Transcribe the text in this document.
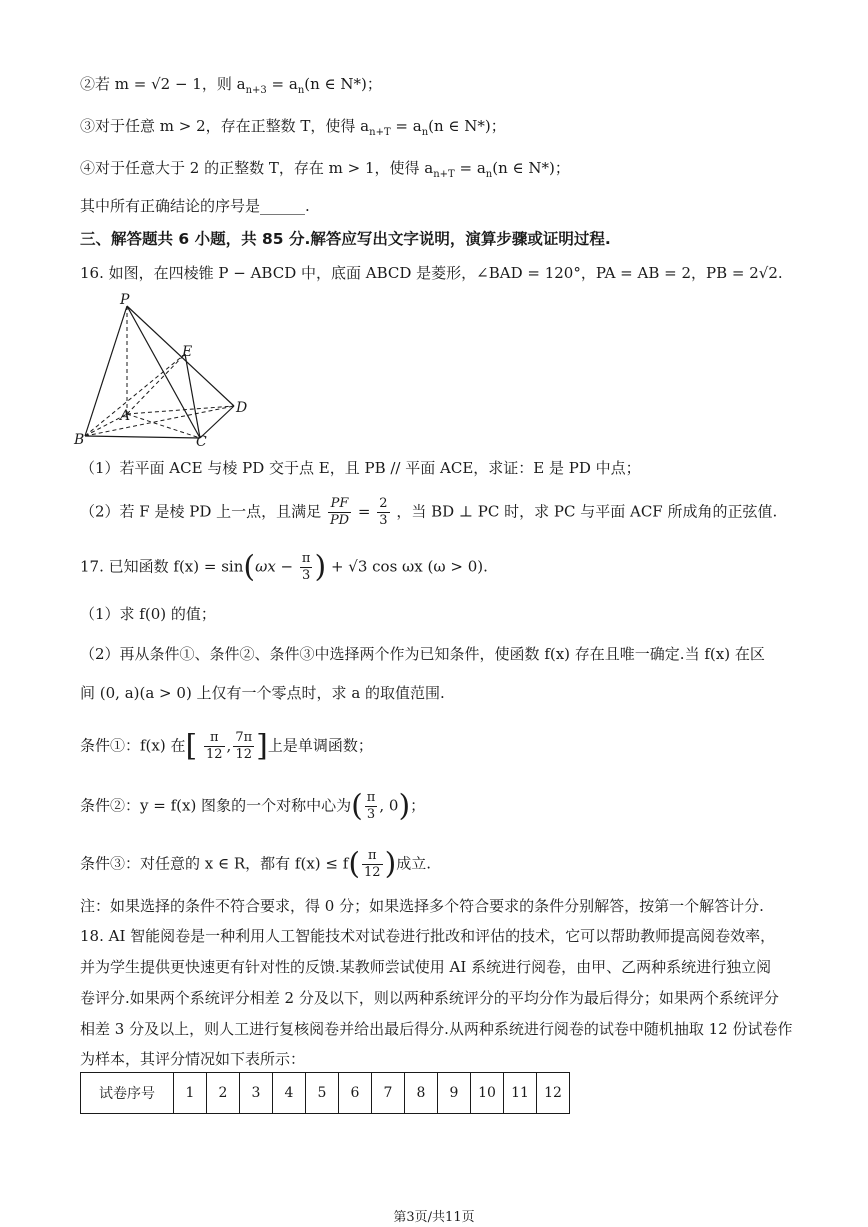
②若 m = √2 − 1，则 $a_{n+3} = a_n(n$ ∈ N*)；
③对于任意 m > 2，存在正整数 T，使得 $a_{n+T} = a_n(n$ ∈ N*)；
④对于任意大于 2 的正整数 T，存在 m > 1，使得 $a_{n+T} = a_n(n$ ∈ N*)；
其中所有正确结论的序号是______.
三、解答题共 6 小题，共 85 分.解答应写出文字说明，演算步骤或证明过程.
16. 如图，在四棱锥 P − ABCD 中，底面 ABCD 是菱形，∠BAD = 120°，PA = AB = 2，PB = 2√2.
P
E
A	D
B	C
（1）若平面 ACE 与棱 PD 交于点 E，且 PB // 平面 ACE，求证：E 是 PD 中点；
（2）若 F 是棱 PD 上一点，且满足 $\frac{PF}{PD} = \frac{2}{3}$ ，当 BD ⊥ PC 时，求 PC 与平面 ACF 所成角的正弦值.
17. 已知函数 $f(x) = \sin(\omega x - \frac{\pi}{3}$ ) + √3 cos ωx (ω > 0).
（1）求 f(0) 的值；
（2）再从条件①、条件②、条件③中选择两个作为已知条件，使函数 f(x) 存在且唯一确定.当 f(x) 在区
间 (0, a)(a > 0) 上仅有一个零点时，求 a 的取值范围.
条件①：f(x) 在[ $\frac{\pi}{12}$ , $\frac{7\pi}{12}$ ]上是单调函数；
条件②：y = f(x) 图象的一个对称中心为( $\frac{\pi}{3}$ , 0)；
条件③：对任意的 x ∈ R，都有 $f(x) \le f( \frac{\pi}{12}$ )成立.
注：如果选择的条件不符合要求，得 0 分；如果选择多个符合要求的条件分别解答，按第一个解答计分.
18. AI 智能阅卷是一种利用人工智能技术对试卷进行批改和评估的技术，它可以帮助教师提高阅卷效率，
并为学生提供更快速更有针对性的反馈.某教师尝试使用 AI 系统进行阅卷，由甲、乙两种系统进行独立阅
卷评分.如果两个系统评分相差 2 分及以下，则以两种系统评分的平均分作为最后得分；如果两个系统评分
相差 3 分及以上，则人工进行复核阅卷并给出最后得分.从两种系统进行阅卷的试卷中随机抽取 12 份试卷作
为样本，其评分情况如下表所示：
试卷序号	1	2	3	4	5	6	7	8	9	10	11	12
第3页/共11页
